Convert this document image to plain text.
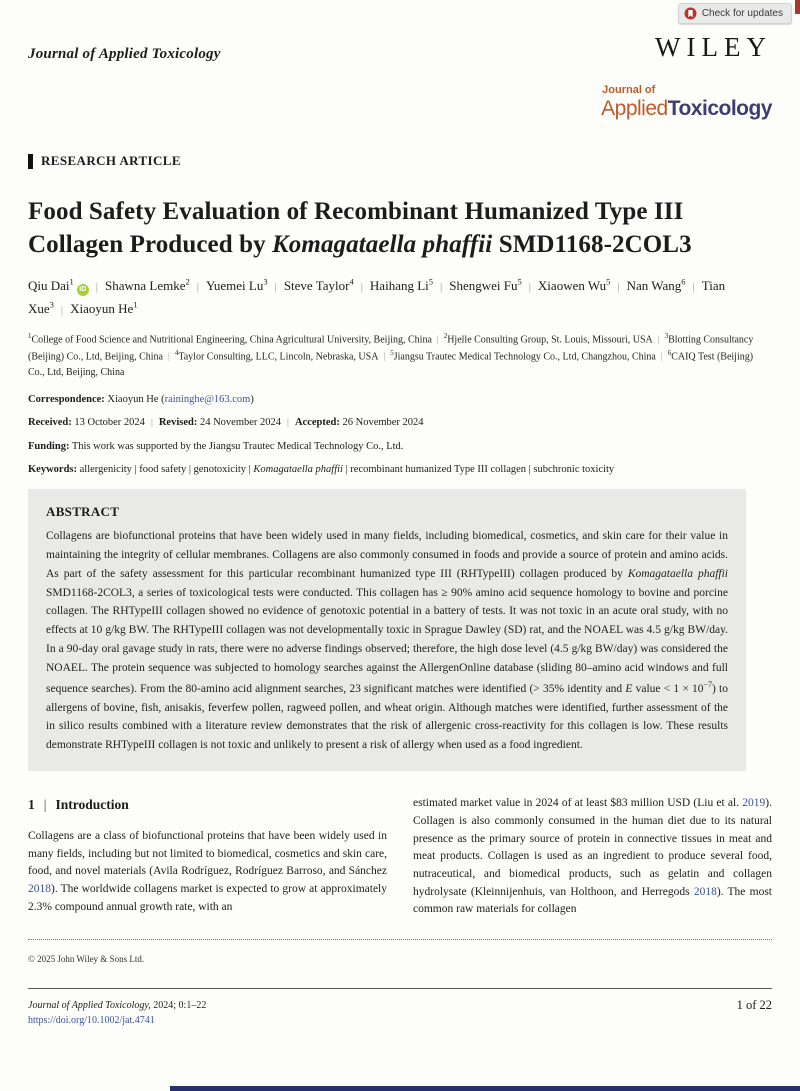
Check for updates
Journal of Applied Toxicology	WILEY
Journal of
AppliedToxicology
RESEARCH ARTICLE
Food Safety Evaluation of Recombinant Humanized Type III Collagen Produced by Komagataella phaffii SMD1168-2COL3
Qiu Dai$^1$
iD | Shawna Lemke$^2$ | Yuemei Lu$^3$ | Steve Taylor$^4$ | Haihang Li$^5$ | Shengwei Fu$^5$ | Xiaowen Wu$^5$ | Nan Wang$^6$ | Tian Xue$^3$ | Xiaoyun He$^1$
$^1$College of Food Science and Nutritional Engineering, China Agricultural University, Beijing, China | $^2$Hjelle Consulting Group, St. Louis, Missouri, USA | $^3$Blotting Consultancy (Beijing) Co., Ltd, Beijing, China | $^4$Taylor Consulting, LLC, Lincoln, Nebraska, USA | $^5$Jiangsu Trautec Medical Technology Co., Ltd, Changzhou, China | $^6$CAIQ Test (Beijing) Co., Ltd, Beijing, China

Correspondence: Xiaoyun He (raininghe@163.com)

Received: 13 October 2024 | Revised: 24 November 2024 | Accepted: 26 November 2024

Funding: This work was supported by the Jiangsu Trautec Medical Technology Co., Ltd.

Keywords: allergenicity | food safety | genotoxicity | Komagataella phaffii | recombinant humanized Type III collagen | subchronic toxicity

ABSTRACT
Collagens are biofunctional proteins that have been widely used in many fields, including biomedical, cosmetics, and skin care for their value in maintaining the integrity of cellular membranes. Collagens are also commonly consumed in foods and provide a source of protein and amino acids. As part of the safety assessment for this particular recombinant humanized type III (RHTypeIII) collagen produced by Komagataella phaffii SMD1168-2COL3, a series of toxicological tests were conducted. This collagen has ≥ 90% amino acid sequence homology to bovine and porcine collagen. The RHTypeIII collagen showed no evidence of genotoxic potential in a battery of tests. It was not toxic in an acute oral study, with no effects at 10 g/kg BW. The RHTypeIII collagen was not developmentally toxic in Sprague Dawley (SD) rat, and the NOAEL was 4.5 g/kg BW/day. In a 90-day oral gavage study in rats, there were no adverse findings observed; therefore, the high dose level (4.5 g/kg BW/day) was considered the NOAEL. The protein sequence was subjected to homology searches against the AllergenOnline database (sliding 80–amino acid windows and full sequence searches). From the 80-amino acid alignment searches, 23 significant matches were identified (> 35% identity and E value < $1 \times 10^{-7}$) to allergens of bovine, fish, anisakis, feverfew pollen, ragweed pollen, and wheat origin. Although matches were identified, further assessment of the in silico results combined with a literature review demonstrates that the risk of allergenic cross-reactivity for this collagen is low. These results demonstrate RHTypeIII collagen is not toxic and unlikely to present a risk of allergy when used as a food ingredient.
1 | Introduction

Collagens are a class of biofunctional proteins that have been widely used in many fields, including but not limited to biomedical, cosmetics and skin care, food, and novel materials (Avila Rodríguez, Rodríguez Barroso, and Sánchez 2018). The worldwide collagens market is expected to grow at approximately 2.3% compound annual growth rate, with an

estimated market value in 2024 of at least $83 million USD (Liu et al. 2019). Collagen is also commonly consumed in the human diet due to its natural presence as the primary source of protein in connective tissues in meat and meat products. Collagen is used as an ingredient to produce several food, nutraceutical, and biomedical products, such as gelatin and collagen hydrolysate (Kleinnijenhuis, van Holthoon, and Herregods 2018). The most common raw materials for collagen

© 2025 John Wiley & Sons Ltd.
Journal of Applied Toxicology, 2024; 0:1–22
https://doi.org/10.1002/jat.4741
1 of 22
